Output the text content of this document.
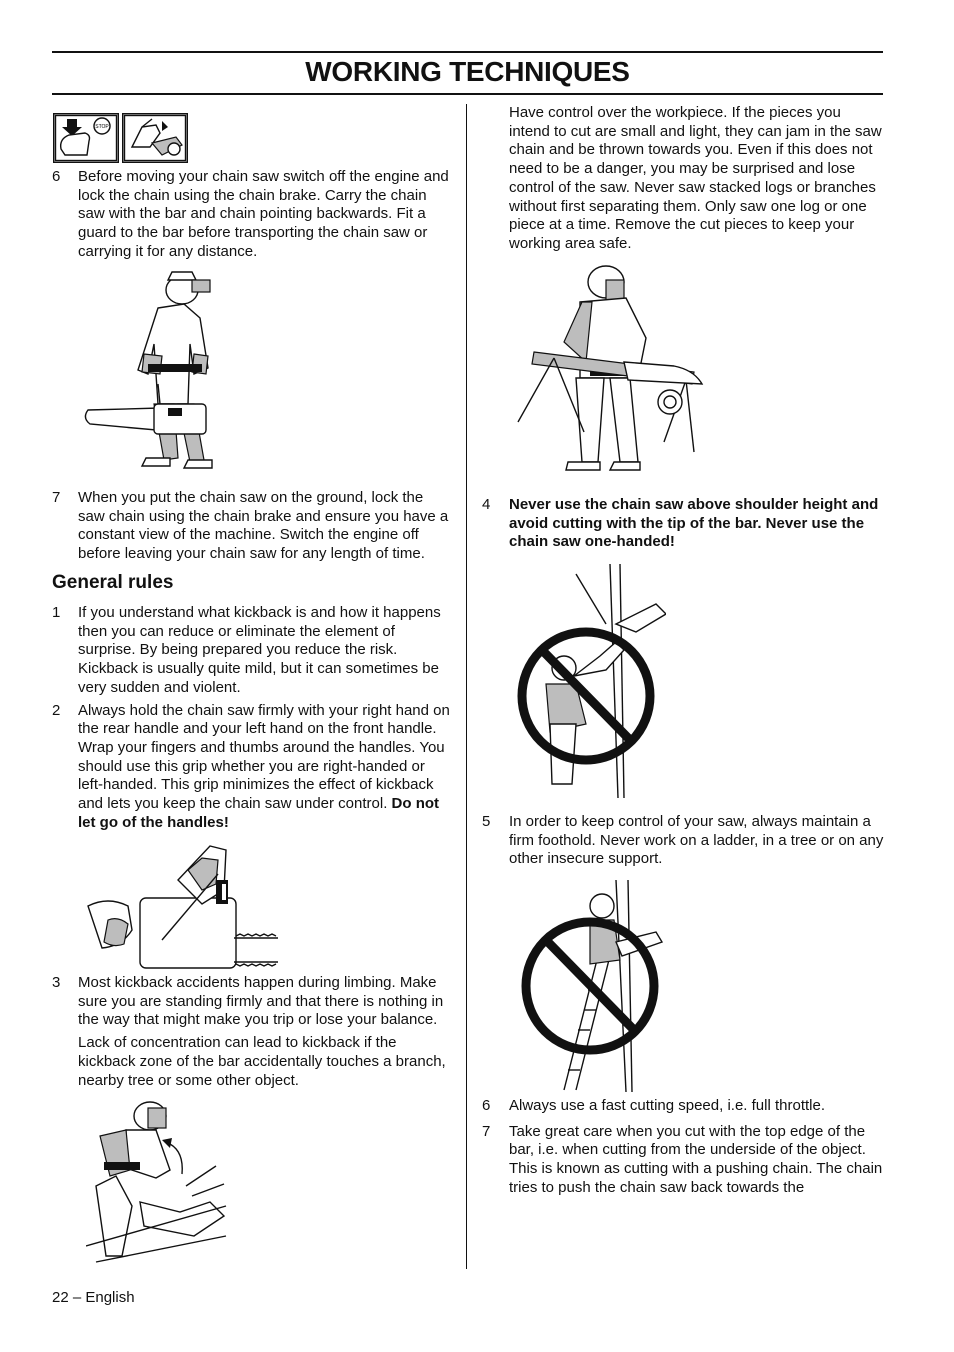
WORKING TECHNIQUES
STOP
6 Before moving your chain saw switch off the engine and lock the chain using the chain brake. Carry the chain saw with the bar and chain pointing backwards. Fit a guard to the bar before transporting the chain saw or carrying it for any distance.
7 When you put the chain saw on the ground, lock the saw chain using the chain brake and ensure you have a constant view of the machine. Switch the engine off before leaving your chain saw for any length of time.
General rules
1 If you understand what kickback is and how it happens then you can reduce or eliminate the element of surprise. By being prepared you reduce the risk. Kickback is usually quite mild, but it can sometimes be very sudden and violent.
2 Always hold the chain saw firmly with your right hand on the rear handle and your left hand on the front handle. Wrap your fingers and thumbs around the handles. You should use this grip whether you are right-handed or left-handed. This grip minimizes the effect of kickback and lets you keep the chain saw under control. Do not let go of the handles!
3 Most kickback accidents happen during limbing. Make sure you are standing firmly and that there is nothing in the way that might make you trip or lose your balance.
Lack of concentration can lead to kickback if the kickback zone of the bar accidentally touches a branch, nearby tree or some other object.
Have control over the workpiece. If the pieces you intend to cut are small and light, they can jam in the saw chain and be thrown towards you. Even if this does not need to be a danger, you may be surprised and lose control of the saw. Never saw stacked logs or branches without first separating them. Only saw one log or one piece at a time. Remove the cut pieces to keep your working area safe.
4 Never use the chain saw above shoulder height and avoid cutting with the tip of the bar. Never use the chain saw one-handed!
5 In order to keep control of your saw, always maintain a firm foothold. Never work on a ladder, in a tree or on any other insecure support.
6 Always use a fast cutting speed, i.e. full throttle.
7 Take great care when you cut with the top edge of the bar, i.e. when cutting from the underside of the object. This is known as cutting with a pushing chain. The chain tries to push the chain saw back towards the
22 – English
